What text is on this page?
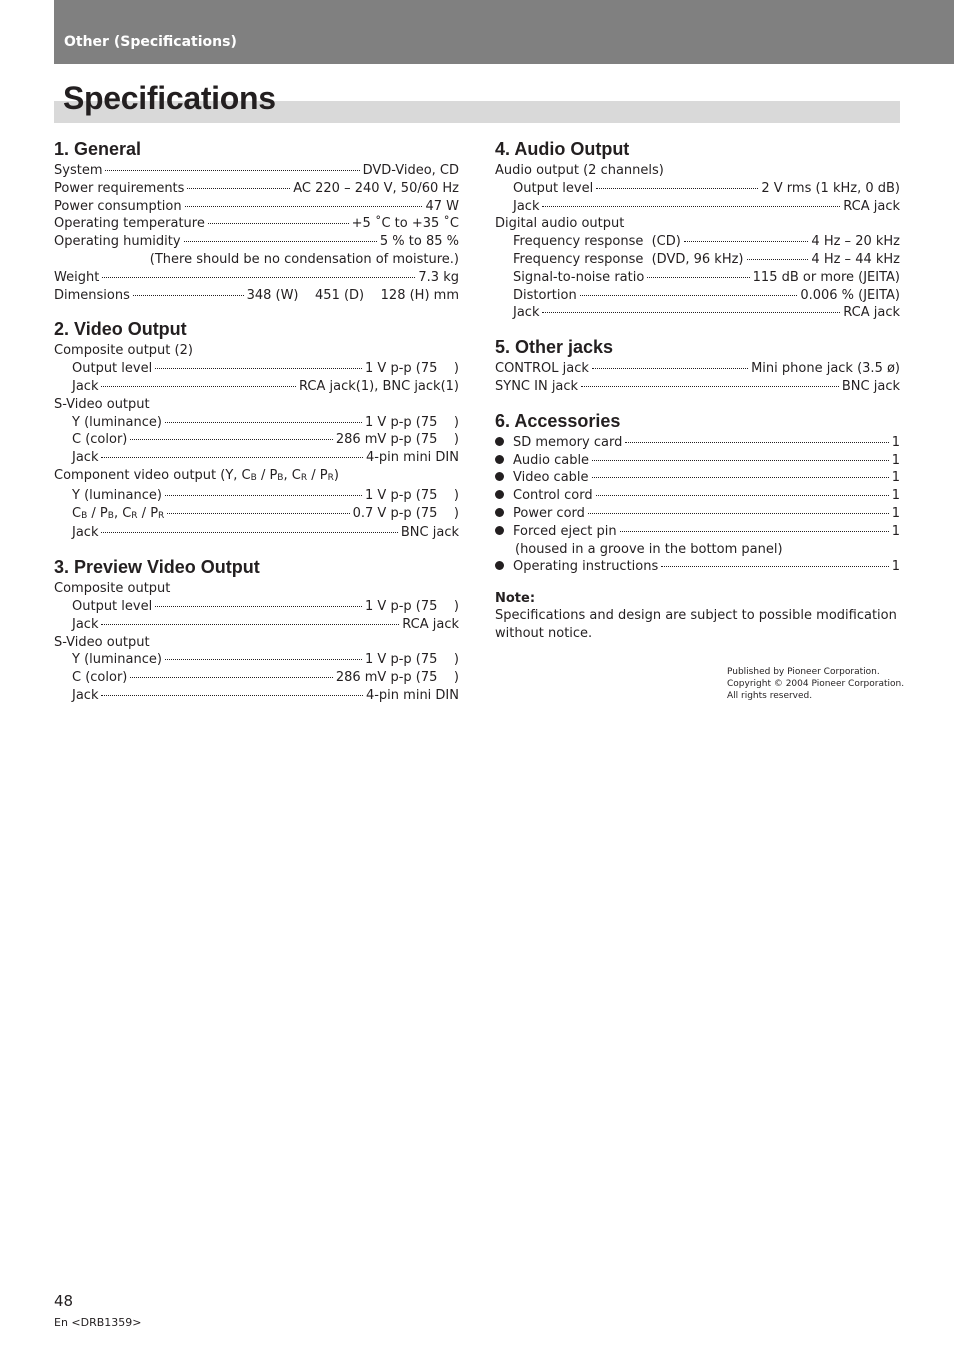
Other (Specifications)
Specifications
1. General
System	DVD-Video, CD
Power requirements	AC 220 – 240 V, 50/60 Hz
Power consumption	47 W
Operating temperature	+5 ˚C to +35 ˚C
Operating humidity	5 % to 85 %
(There should be no condensation of moisture.)
Weight	7.3 kg
Dimensions	348 (W)    451 (D)    128 (H) mm
2. Video Output
Composite output (2)
Output level	1 V p-p (75    )
Jack	RCA jack(1), BNC jack(1)
S-Video output
Y (luminance)	1 V p-p (75    )
C (color)	286 mV p-p (75    )
Jack	4-pin mini DIN
Component video output (Y, $C_B / P_B$, $C_R / P_R$)
Y (luminance)	1 V p-p (75    )
$C_B / P_B$, $C_R / P_R$	0.7 V p-p (75    )
Jack	BNC jack
3. Preview Video Output
Composite output
Output level	1 V p-p (75    )
Jack	RCA jack
S-Video output
Y (luminance)	1 V p-p (75    )
C (color)	286 mV p-p (75    )
Jack	4-pin mini DIN
4. Audio Output
Audio output (2 channels)
Output level	2 V rms (1 kHz, 0 dB)
Jack	RCA jack
Digital audio output
Frequency response  (CD)	4 Hz – 20 kHz
Frequency response  (DVD, 96 kHz)	4 Hz – 44 kHz
Signal-to-noise ratio	115 dB or more (JEITA)
Distortion	0.006 % (JEITA)
Jack	RCA jack
5. Other jacks
CONTROL jack	Mini phone jack (3.5 ø)
SYNC IN jack	BNC jack
6. Accessories
SD memory card	1
Audio cable	1
Video cable	1
Control cord	1
Power cord	1
Forced eject pin	1
(housed in a groove in the bottom panel)
Operating instructions	1
Note:
Specifications and design are subject to possible modification without notice.
Published by Pioneer Corporation.
Copyright © 2004 Pioneer Corporation.
All rights reserved.
48
En <DRB1359>
